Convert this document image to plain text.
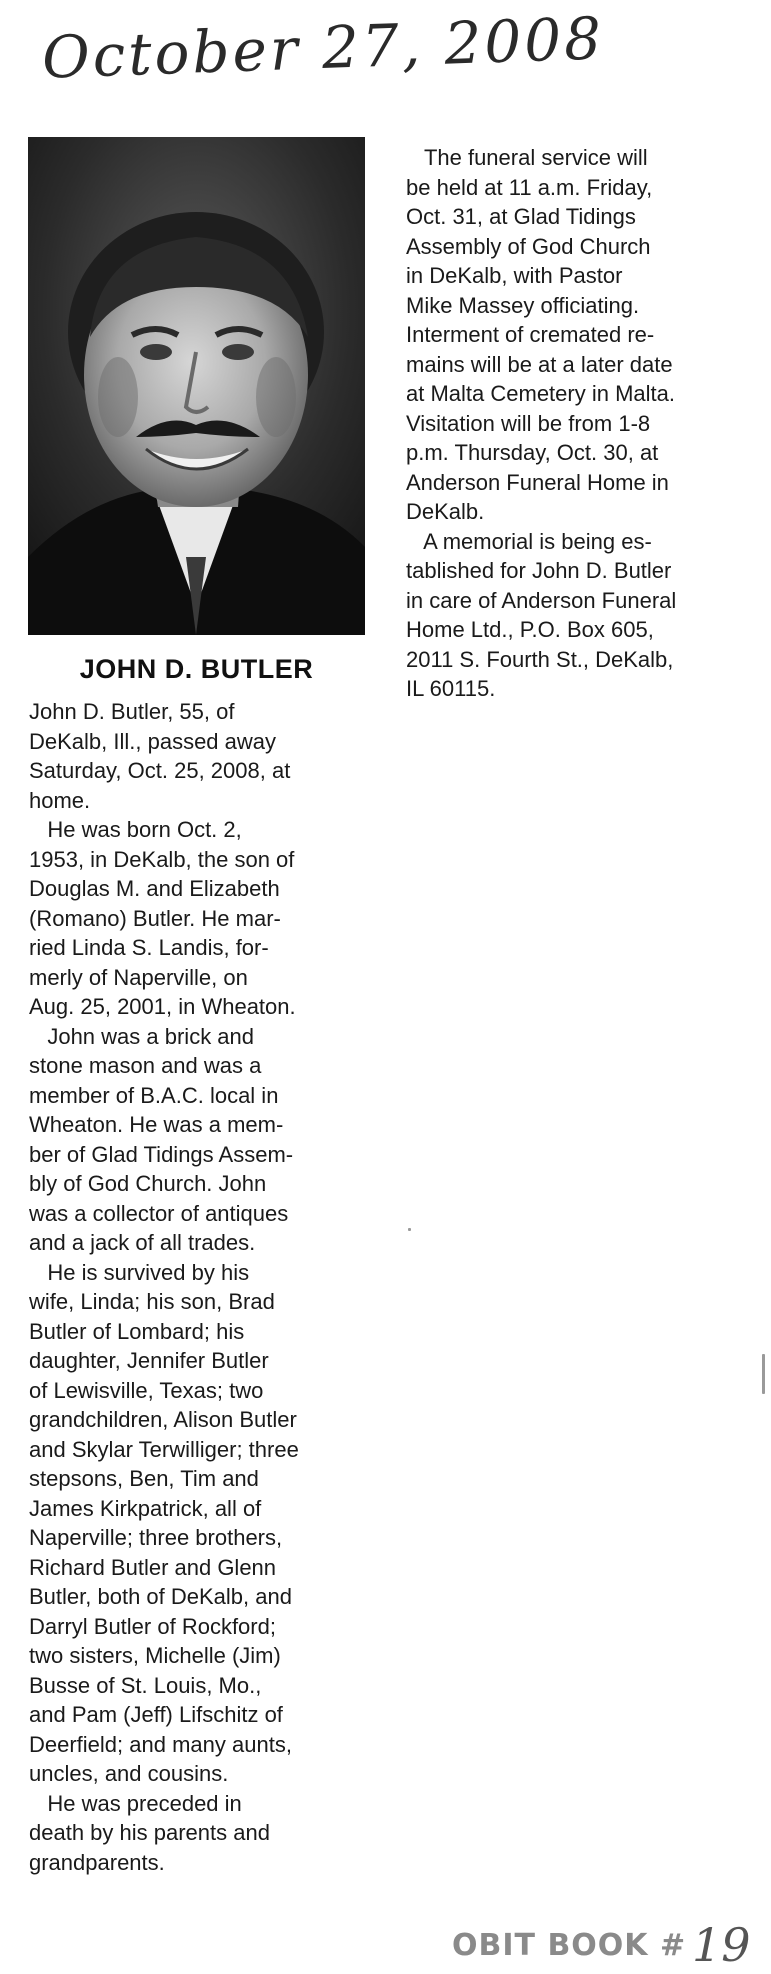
October 27, 2008
JOHN D. BUTLER
John D. Butler, 55, of
DeKalb, Ill., passed away
Saturday, Oct. 25, 2008, at
home.
He was born Oct. 2,
1953, in DeKalb, the son of
Douglas M. and Elizabeth
(Romano) Butler. He mar-
ried Linda S. Landis, for-
merly of Naperville, on
Aug. 25, 2001, in Wheaton.
John was a brick and
stone mason and was a
member of B.A.C. local in
Wheaton. He was a mem-
ber of Glad Tidings Assem-
bly of God Church. John
was a collector of antiques
and a jack of all trades.
He is survived by his
wife, Linda; his son, Brad
Butler of Lombard; his
daughter, Jennifer Butler
of Lewisville, Texas; two
grandchildren, Alison Butler
and Skylar Terwilliger; three
stepsons, Ben, Tim and
James Kirkpatrick, all of
Naperville; three brothers,
Richard Butler and Glenn
Butler, both of DeKalb, and
Darryl Butler of Rockford;
two sisters, Michelle (Jim)
Busse of St. Louis, Mo.,
and Pam (Jeff) Lifschitz of
Deerfield; and many aunts,
uncles, and cousins.
He was preceded in
death by his parents and
grandparents.
The funeral service will
be held at 11 a.m. Friday,
Oct. 31, at Glad Tidings
Assembly of God Church
in DeKalb, with Pastor
Mike Massey officiating.
Interment of cremated re-
mains will be at a later date
at Malta Cemetery in Malta.
Visitation will be from 1-8
p.m. Thursday, Oct. 30, at
Anderson Funeral Home in
DeKalb.
A memorial is being es-
tablished for John D. Butler
in care of Anderson Funeral
Home Ltd., P.O. Box 605,
2011 S. Fourth St., DeKalb,
IL 60115.
OBIT BOOK # 19
